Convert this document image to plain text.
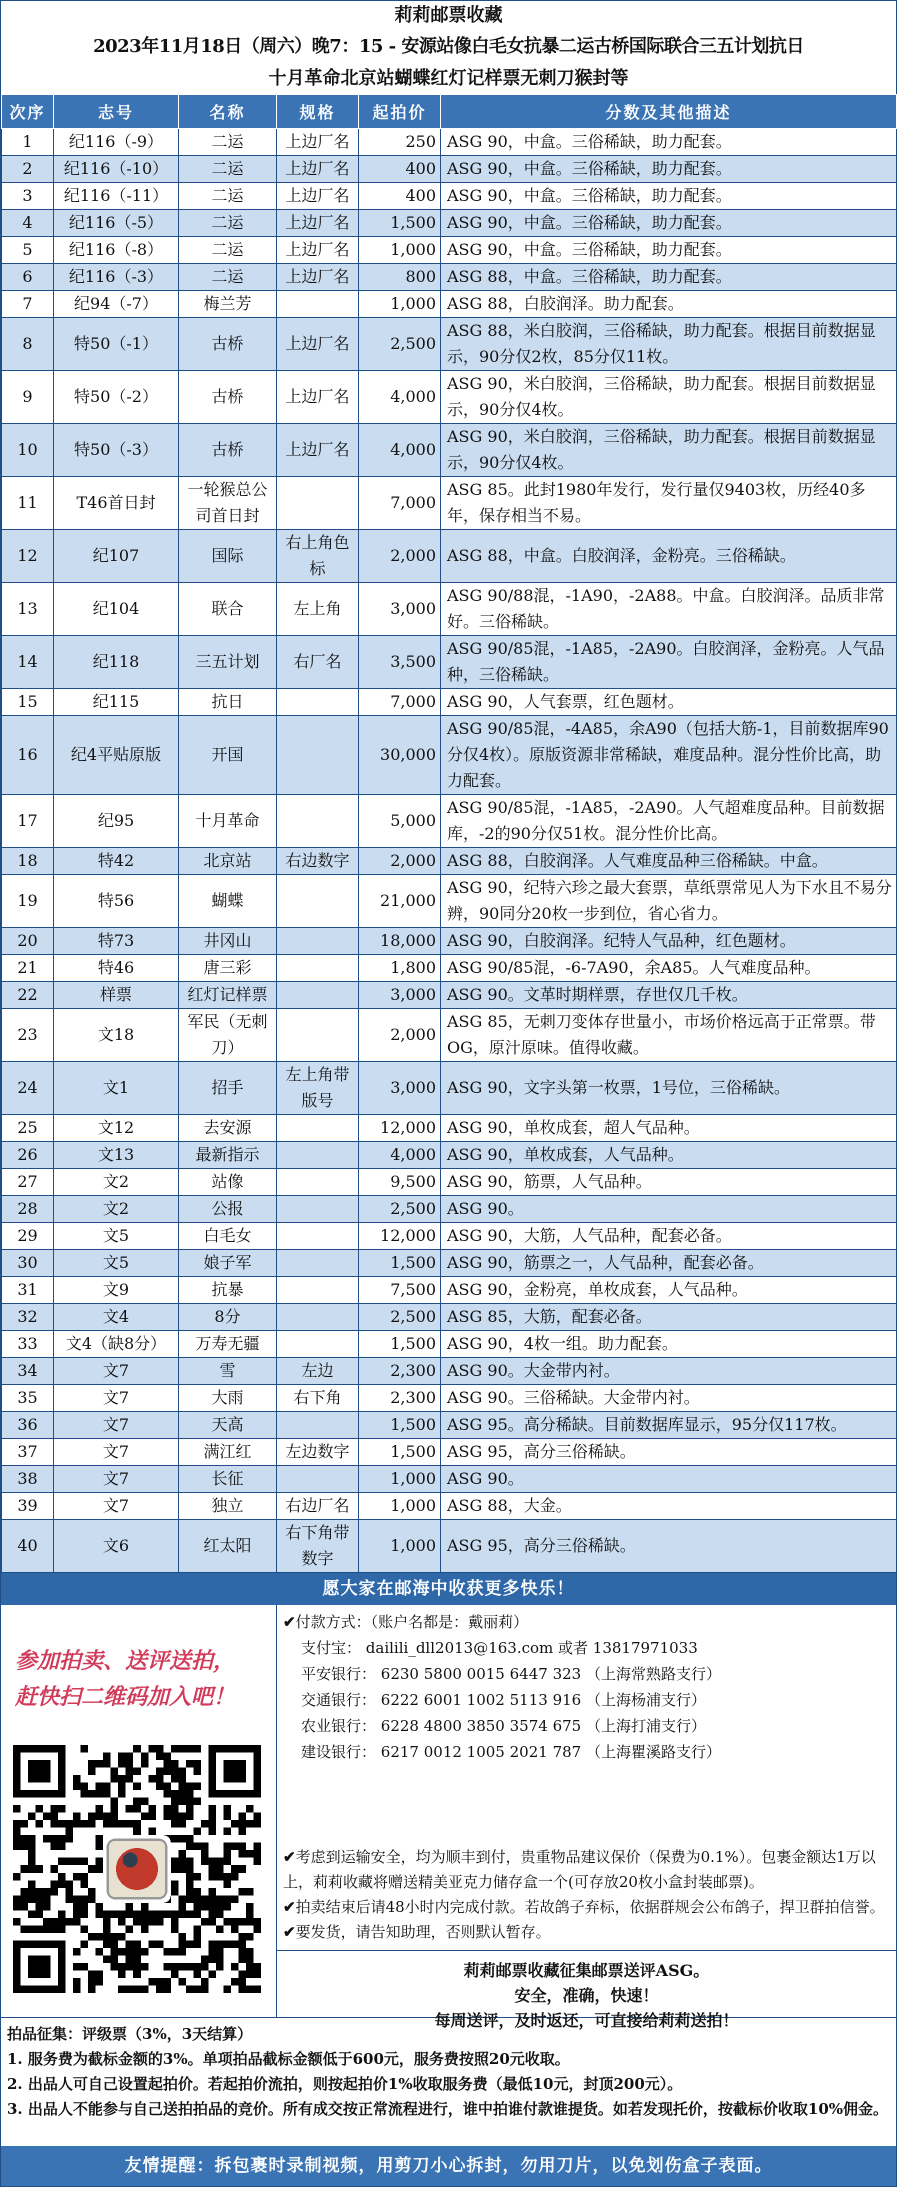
莉莉邮票收藏
2023年11月18日（周六）晚7：15 - 安源站像白毛女抗暴二运古桥国际联合三五计划抗日
十月革命北京站蝴蝶红灯记样票无刺刀猴封等
次序	志号	名称	规格	起拍价	分数及其他描述
1	纪116（-9）	二运	上边厂名	250	ASG 90，中盒。三俗稀缺，助力配套。
2	纪116（-10）	二运	上边厂名	400	ASG 90，中盒。三俗稀缺，助力配套。
3	纪116（-11）	二运	上边厂名	400	ASG 90，中盒。三俗稀缺，助力配套。
4	纪116（-5）	二运	上边厂名	1,500	ASG 90，中盒。三俗稀缺，助力配套。
5	纪116（-8）	二运	上边厂名	1,000	ASG 90，中盒。三俗稀缺，助力配套。
6	纪116（-3）	二运	上边厂名	800	ASG 88，中盒。三俗稀缺，助力配套。
7	纪94（-7）	梅兰芳		1,000	ASG 88，白胶润泽。助力配套。
8	特50（-1）	古桥	上边厂名	2,500	ASG 88，米白胶润，三俗稀缺，助力配套。根据目前数据显示，90分仅2枚，85分仅11枚。
9	特50（-2）	古桥	上边厂名	4,000	ASG 90，米白胶润，三俗稀缺，助力配套。根据目前数据显示，90分仅4枚。
10	特50（-3）	古桥	上边厂名	4,000	ASG 90，米白胶润，三俗稀缺，助力配套。根据目前数据显示，90分仅4枚。
11	T46首日封	一轮猴总公司首日封		7,000	ASG 85。此封1980年发行，发行量仅9403枚，历经40多年，保存相当不易。
12	纪107	国际	右上角色标	2,000	ASG 88，中盒。白胶润泽，金粉亮。三俗稀缺。
13	纪104	联合	左上角	3,000	ASG 90/88混，-1A90，-2A88。中盒。白胶润泽。品质非常好。三俗稀缺。
14	纪118	三五计划	右厂名	3,500	ASG 90/85混，-1A85，-2A90。白胶润泽，金粉亮。人气品种，三俗稀缺。
15	纪115	抗日		7,000	ASG 90，人气套票，红色题材。
16	纪4平贴原版	开国		30,000	ASG 90/85混，-4A85，余A90（包括大筋-1，目前数据库90分仅4枚）。原版资源非常稀缺，难度品种。混分性价比高，助力配套。
17	纪95	十月革命		5,000	ASG 90/85混，-1A85，-2A90。人气超难度品种。目前数据库，-2的90分仅51枚。混分性价比高。
18	特42	北京站	右边数字	2,000	ASG 88，白胶润泽。人气难度品种三俗稀缺。中盒。
19	特56	蝴蝶		21,000	ASG 90，纪特六珍之最大套票，草纸票常见人为下水且不易分辨，90同分20枚一步到位，省心省力。
20	特73	井冈山		18,000	ASG 90，白胶润泽。纪特人气品种，红色题材。
21	特46	唐三彩		1,800	ASG 90/85混，-6-7A90，余A85。人气难度品种。
22	样票	红灯记样票		3,000	ASG 90。文革时期样票，存世仅几千枚。
23	文18	军民（无刺刀）		2,000	ASG 85，无刺刀变体存世量小，市场价格远高于正常票。带OG，原汁原味。值得收藏。
24	文1	招手	左上角带版号	3,000	ASG 90，文字头第一枚票，1号位，三俗稀缺。
25	文12	去安源		12,000	ASG 90，单枚成套，超人气品种。
26	文13	最新指示		4,000	ASG 90，单枚成套，人气品种。
27	文2	站像		9,500	ASG 90，筋票，人气品种。
28	文2	公报		2,500	ASG 90。
29	文5	白毛女		12,000	ASG 90，大筋，人气品种，配套必备。
30	文5	娘子军		1,500	ASG 90，筋票之一，人气品种，配套必备。
31	文9	抗暴		7,500	ASG 90，金粉亮，单枚成套，人气品种。
32	文4	8分		2,500	ASG 85，大筋，配套必备。
33	文4（缺8分）	万寿无疆		1,500	ASG 90，4枚一组。助力配套。
34	文7	雪	左边	2,300	ASG 90。大金带内衬。
35	文7	大雨	右下角	2,300	ASG 90。三俗稀缺。大金带内衬。
36	文7	天高		1,500	ASG 95。高分稀缺。目前数据库显示，95分仅117枚。
37	文7	满江红	左边数字	1,500	ASG 95，高分三俗稀缺。
38	文7	长征		1,000	ASG 90。
39	文7	独立	右边厂名	1,000	ASG 88，大金。
40	文6	红太阳	右下角带数字	1,000	ASG 95，高分三俗稀缺。
愿大家在邮海中收获更多快乐！
参加拍卖、送评送拍，
赶快扫二维码加入吧！
✔付款方式：（账户名都是：戴丽莉）
支付宝： dailili_dll2013@163.com 或者 13817971033
平安银行： 6230 5800 0015 6447 323 （上海常熟路支行）
交通银行： 6222 6001 1002 5113 916 （上海杨浦支行）
农业银行： 6228 4800 3850 3574 675 （上海打浦支行）
建设银行： 6217 0012 1005 2021 787 （上海瞿溪路支行）
✔考虑到运输安全，均为顺丰到付，贵重物品建议保价（保费为0.1%）。包裹金额达1万以上，莉莉收藏将赠送精美亚克力储存盒一个(可存放20枚小盒封装邮票)。
✔拍卖结束后请48小时内完成付款。若故鸽子弃标，依据群规会公布鸽子，捍卫群拍信誉。
✔要发货，请告知助理，否则默认暂存。
莉莉邮票收藏征集邮票送评ASG。
安全，准确，快速！
每周送评，及时返还，可直接给莉莉送拍！
拍品征集：评级票（3%，3天结算）
1. 服务费为截标金额的3%。单项拍品截标金额低于600元，服务费按照20元收取。
2. 出品人可自己设置起拍价。若起拍价流拍，则按起拍价1%收取服务费（最低10元，封顶200元）。
3. 出品人不能参与自己送拍拍品的竞价。所有成交按正常流程进行，谁中拍谁付款谁提货。如若发现托价，按截标价收取10%佣金。
友情提醒：拆包裹时录制视频，用剪刀小心拆封，勿用刀片，以免划伤盒子表面。
